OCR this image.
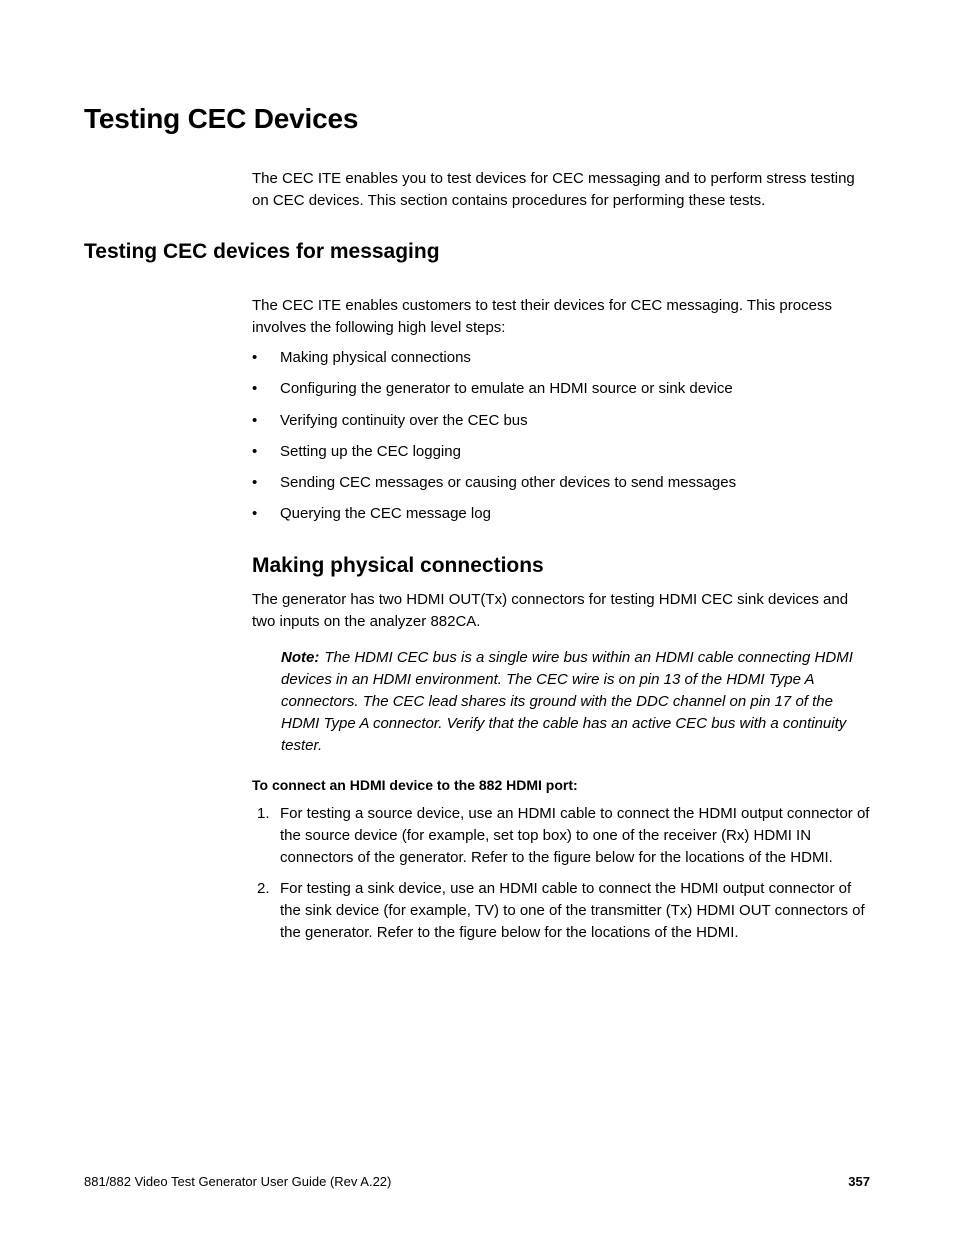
Testing CEC Devices

The CEC ITE enables you to test devices for CEC messaging and to perform stress testing on CEC devices. This section contains procedures for performing these tests.

Testing CEC devices for messaging

The CEC ITE enables customers to test their devices for CEC messaging. This process involves the following high level steps:

•	Making physical connections
•	Configuring the generator to emulate an HDMI source or sink device
•	Verifying continuity over the CEC bus
•	Setting up the CEC logging
•	Sending CEC messages or causing other devices to send messages
•	Querying the CEC message log
Making physical connections

The generator has two HDMI OUT(Tx) connectors for testing HDMI CEC sink devices and two inputs on the analyzer 882CA.

Note: The HDMI CEC bus is a single wire bus within an HDMI cable connecting HDMI devices in an HDMI environment. The CEC wire is on pin 13 of the HDMI Type A connectors. The CEC lead shares its ground with the DDC channel on pin 17 of the HDMI Type A connector. Verify that the cable has an active CEC bus with a continuity tester.

To connect an HDMI device to the 882 HDMI port:

1. For testing a source device, use an HDMI cable to connect the HDMI output connector of the source device (for example, set top box) to one of the receiver (Rx) HDMI IN connectors of the generator. Refer to the figure below for the locations of the HDMI.
2. For testing a sink device, use an HDMI cable to connect the HDMI output connector of the sink device (for example, TV) to one of the transmitter (Tx) HDMI OUT connectors of the generator. Refer to the figure below for the locations of the HDMI.

881/882 Video Test Generator User Guide (Rev A.22)	357
